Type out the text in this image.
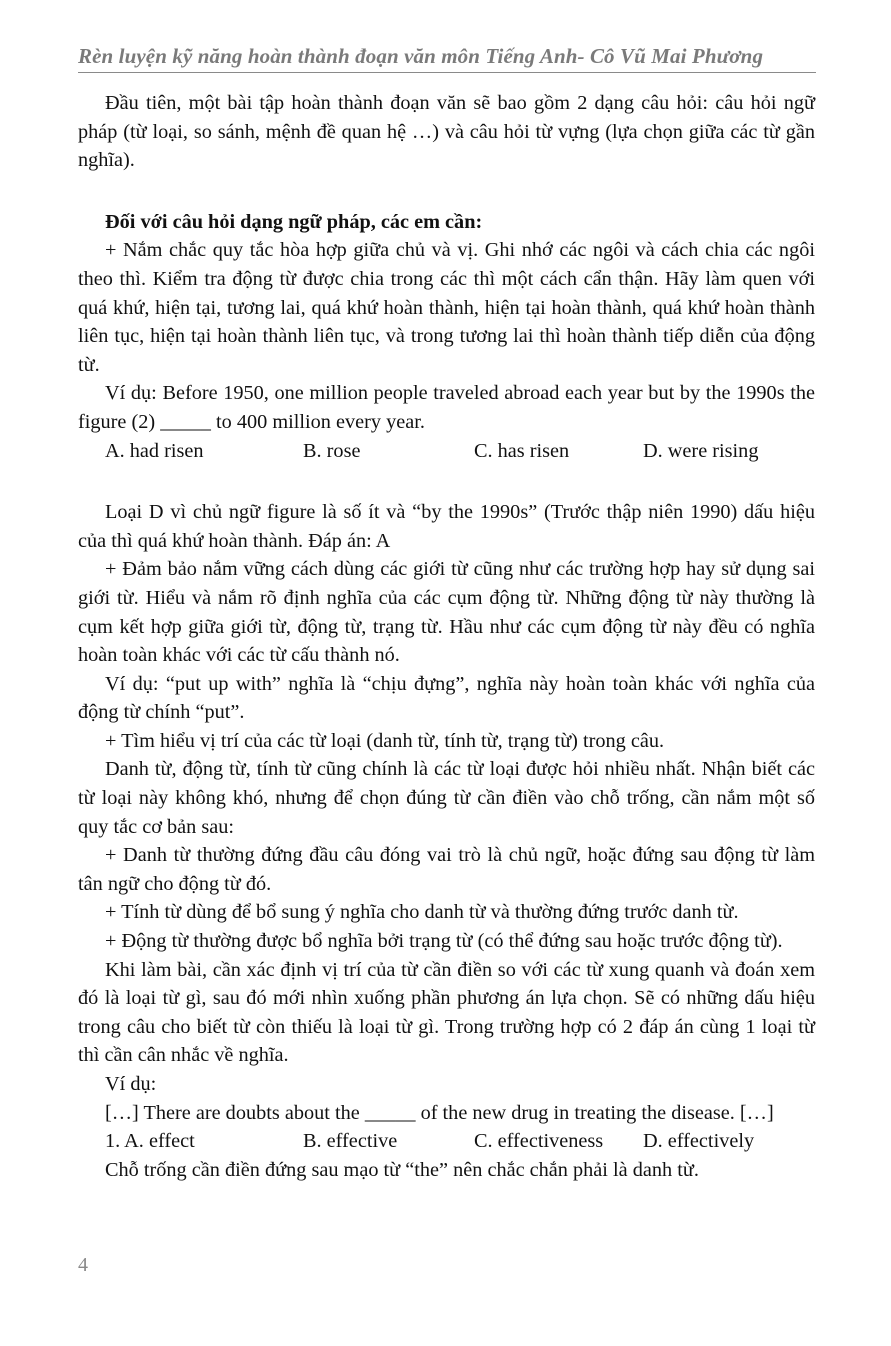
Rèn luyện kỹ năng hoàn thành đoạn văn môn Tiếng Anh- Cô Vũ Mai Phương

Đầu tiên, một bài tập hoàn thành đoạn văn sẽ bao gồm 2 dạng câu hỏi: câu hỏi ngữ pháp (từ loại, so sánh, mệnh đề quan hệ …) và câu hỏi từ vựng (lựa chọn giữa các từ gần nghĩa).

Đối với câu hỏi dạng ngữ pháp, các em cần:

+ Nắm chắc quy tắc hòa hợp giữa chủ và vị. Ghi nhớ các ngôi và cách chia các ngôi theo thì. Kiểm tra động từ được chia trong các thì một cách cẩn thận. Hãy làm quen với quá khứ, hiện tại, tương lai, quá khứ hoàn thành, hiện tại hoàn thành, quá khứ hoàn thành liên tục, hiện tại hoàn thành liên tục, và trong tương lai thì hoàn thành tiếp diễn của động từ.

Ví dụ: Before 1950, one million people traveled abroad each year but by the 1990s the figure (2) _____ to 400 million every year.

A. had risen	B. rose	C. has risen	D. were rising

Loại D vì chủ ngữ figure là số ít và “by the 1990s” (Trước thập niên 1990) dấu hiệu của thì quá khứ hoàn thành. Đáp án: A

+ Đảm bảo nắm vững cách dùng các giới từ cũng như các trường hợp hay sử dụng sai giới từ. Hiểu và nắm rõ định nghĩa của các cụm động từ. Những động từ này thường là cụm kết hợp giữa giới từ, động từ, trạng từ. Hầu như các cụm động từ này đều có nghĩa hoàn toàn khác với các từ cấu thành nó.

Ví dụ: “put up with” nghĩa là “chịu đựng”, nghĩa này hoàn toàn khác với nghĩa của động từ chính “put”.

+ Tìm hiểu vị trí của các từ loại (danh từ, tính từ, trạng từ) trong câu.

Danh từ, động từ, tính từ cũng chính là các từ loại được hỏi nhiều nhất. Nhận biết các từ loại này không khó, nhưng để chọn đúng từ cần điền vào chỗ trống, cần nắm một số quy tắc cơ bản sau:

+ Danh từ thường đứng đầu câu đóng vai trò là chủ ngữ, hoặc đứng sau động từ làm tân ngữ cho động từ đó.

+ Tính từ dùng để bổ sung ý nghĩa cho danh từ và thường đứng trước danh từ.

+ Động từ thường được bổ nghĩa bởi trạng từ (có thể đứng sau hoặc trước động từ).

Khi làm bài, cần xác định vị trí của từ cần điền so với các từ xung quanh và đoán xem đó là loại từ gì, sau đó mới nhìn xuống phần phương án lựa chọn. Sẽ có những dấu hiệu trong câu cho biết từ còn thiếu là loại từ gì. Trong trường hợp có 2 đáp án cùng 1 loại từ thì cần cân nhắc về nghĩa.

Ví dụ:

[…] There are doubts about the _____ of the new drug in treating the disease. […]

1. A. effect	B. effective	C. effectiveness D. effectively

Chỗ trống cần điền đứng sau mạo từ “the” nên chắc chắn phải là danh từ.

4
